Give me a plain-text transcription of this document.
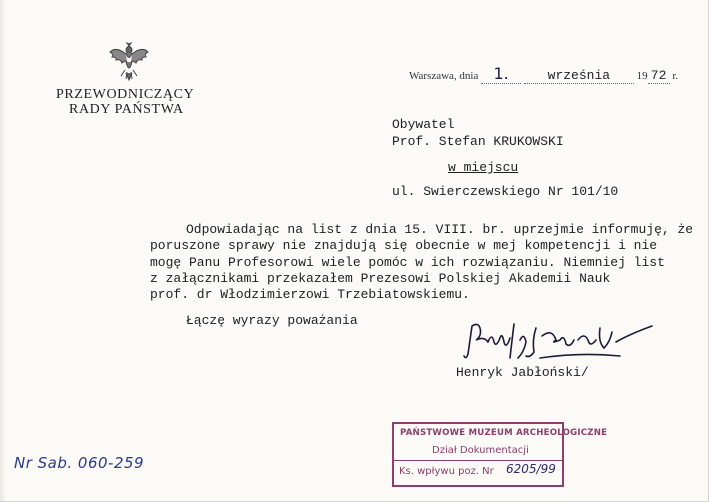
PRZEWODNICZĄCY
RADY PAŃSTWA
Warszawa, dnia 1.	września 19 72 r.
Obywatel
Prof. Stefan KRUKOWSKI
w miejscu
ul. Swierczewskiego Nr 101/10
Odpowiadając na list z dnia 15. VIII. br. uprzejmie informuję, że
poruszone sprawy nie znajdują się obecnie w mej kompetencji i nie
mogę Panu Profesorowi wiele pomóc w ich rozwiązaniu. Niemniej list
z załącznikami przekazałem Prezesowi Polskiej Akademii Nauk
prof. dr Włodzimierzowi Trzebiatowskiemu.
Łączę wyrazy poważania
Henryk Jabłoński/
PAŃSTWOWE MUZEUM ARCHEOLOGICZNE
Dział Dokumentacji
Ks. wpływu poz. Nr 6205/99
Nr Sab. 060-259
